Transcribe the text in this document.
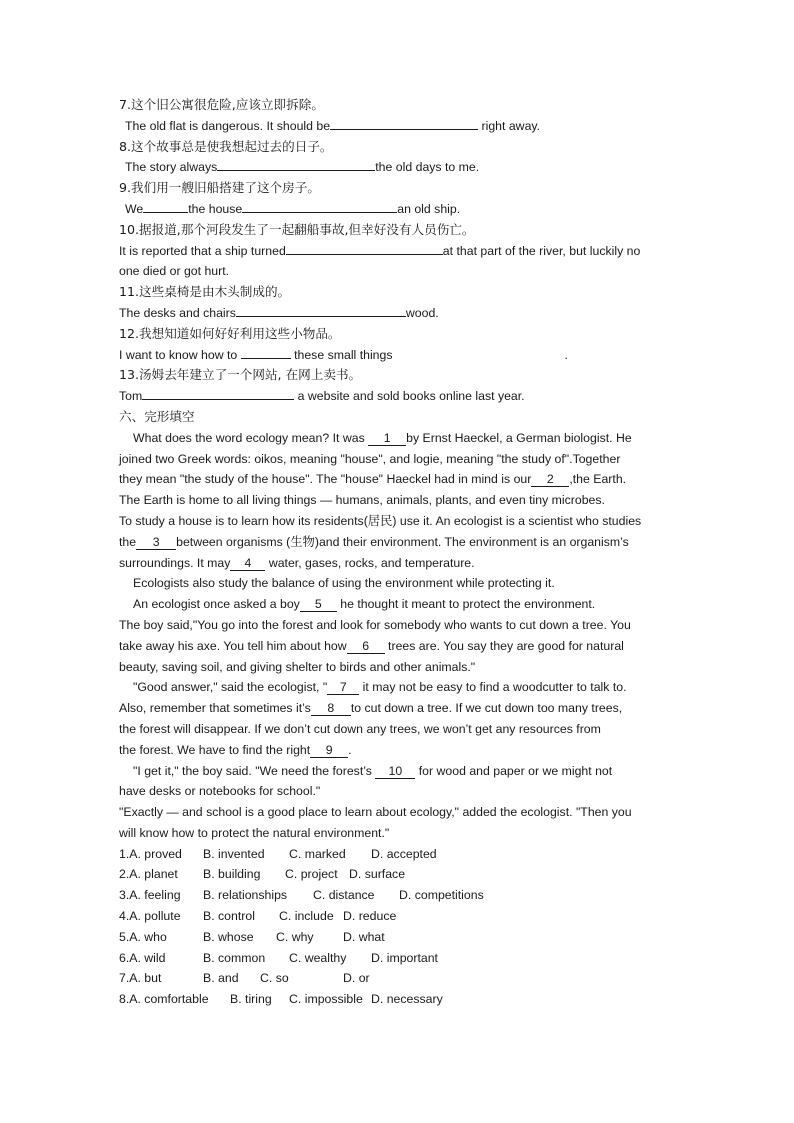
7.这个旧公寓很危险,应该立即拆除。
The old flat is dangerous. It should be	right away.
8.这个故事总是使我想起过去的日子。
The story always	the old days to me.
9.我们用一艘旧船搭建了这个房子。
We	the house	an old ship.
10.据报道,那个河段发生了一起翻船事故,但幸好没有人员伤亡。
It is reported that a ship turned	at that part of the river, but luckily no
one died or got hurt.
11.这些桌椅是由木头制成的。
The desks and chairs	wood.
12.我想知道如何好好利用这些小物品。
I want to know how to	these small things	.
13.汤姆去年建立了一个网站, 在网上卖书。
Tom	a website and sold books online last year.
六、完形填空
What does the word ecology mean? It was 1 by Ernst Haeckel, a German biologist. He
joined two Greek words: oikos, meaning "house", and logie, meaning "the study of".Together
they mean "the study of the house". The "house" Haeckel had in mind is our 2 ,the Earth.
The Earth is home to all living things — humans, animals, plants, and even tiny microbes.
To study a house is to learn how its residents(居民) use it. An ecologist is a scientist who studies
the 3 between organisms (生物)and their environment. The environment is an organism’s
surroundings. It may 4 water, gases, rocks, and temperature.
Ecologists also study the balance of using the environment while protecting it.
An ecologist once asked a boy 5 he thought it meant to protect the environment.
The boy said,"You go into the forest and look for somebody who wants to cut down a tree. You
take away his axe. You tell him about how 6 trees are. You say they are good for natural
beauty, saving soil, and giving shelter to birds and other animals."
"Good answer," said the ecologist, " 7 it may not be easy to find a woodcutter to talk to.
Also, remember that sometimes it’s 8 to cut down a tree. If we cut down too many trees,
the forest will disappear. If we don’t cut down any trees, we won’t get any resources from
the forest. We have to find the right 9 .
"I get it," the boy said. "We need the forest’s 10 for wood and paper or we might not
have desks or notebooks for school."
"Exactly — and school is a good place to learn about ecology," added the ecologist. "Then you
will know how to protect the natural environment."
1.A. proved B. invented C. marked D. accepted
2.A. planet B. building C. project D. surface
3.A. feeling B. relationships C. distance D. competitions
4.A. pollute B. control C. include D. reduce
5.A. who	B. whose C. why D. what
6.A. wild	B. common C. wealthy D. important
7.A. but	B. and C. so	D. or
8.A. comfortable B. tiring C. impossible D. necessary
